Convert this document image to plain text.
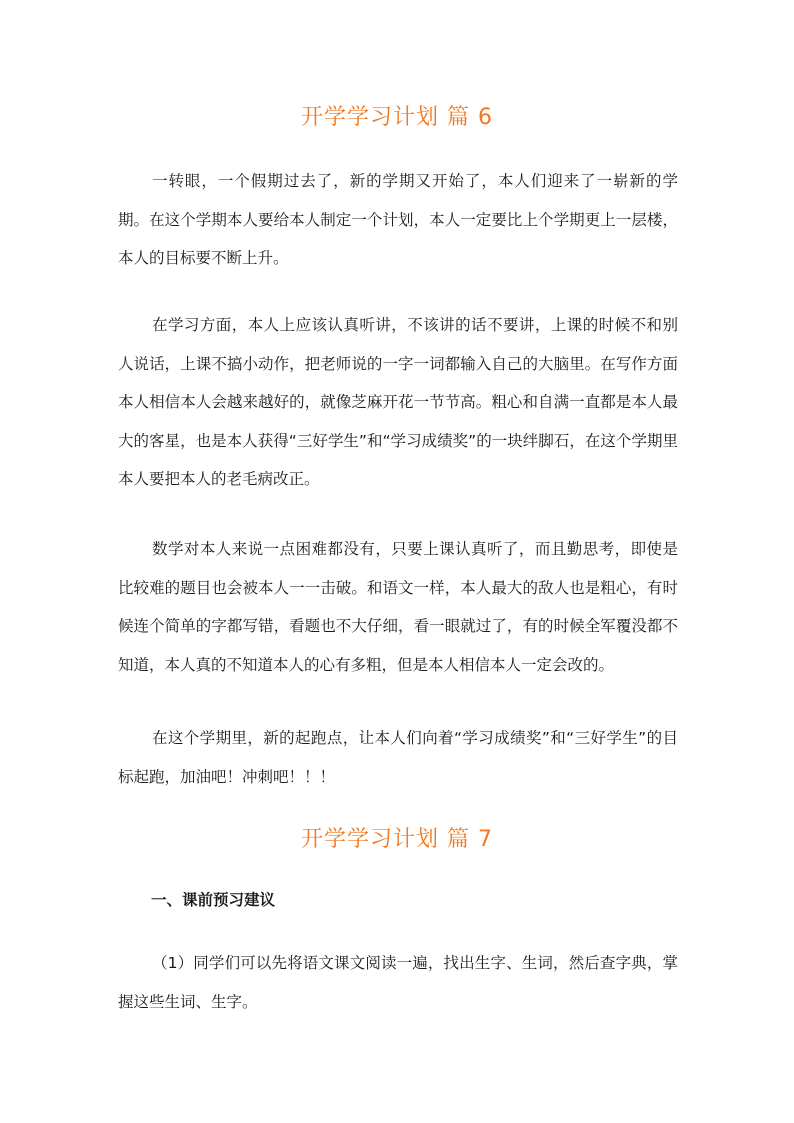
开学学习计划 篇 6

一转眼，一个假期过去了，新的学期又开始了，本人们迎来了一崭新的学期。在这个学期本人要给本人制定一个计划，本人一定要比上个学期更上一层楼，本人的目标要不断上升。

在学习方面，本人上应该认真听讲，不该讲的话不要讲，上课的时候不和别人说话，上课不搞小动作，把老师说的一字一词都输入自己的大脑里。在写作方面本人相信本人会越来越好的，就像芝麻开花一节节高。粗心和自满一直都是本人最大的客星，也是本人获得“三好学生”和“学习成绩奖”的一块绊脚石，在这个学期里本人要把本人的老毛病改正。

数学对本人来说一点困难都没有，只要上课认真听了，而且勤思考，即使是比较难的题目也会被本人一一击破。和语文一样，本人最大的敌人也是粗心，有时候连个简单的字都写错，看题也不大仔细，看一眼就过了，有的时候全军覆没都不知道，本人真的不知道本人的心有多粗，但是本人相信本人一定会改的。

在这个学期里，新的起跑点，让本人们向着“学习成绩奖”和“三好学生”的目标起跑，加油吧！冲刺吧！！！

开学学习计划 篇 7
一、课前预习建议

（1）同学们可以先将语文课文阅读一遍，找出生字、生词，然后查字典，掌握这些生词、生字。
